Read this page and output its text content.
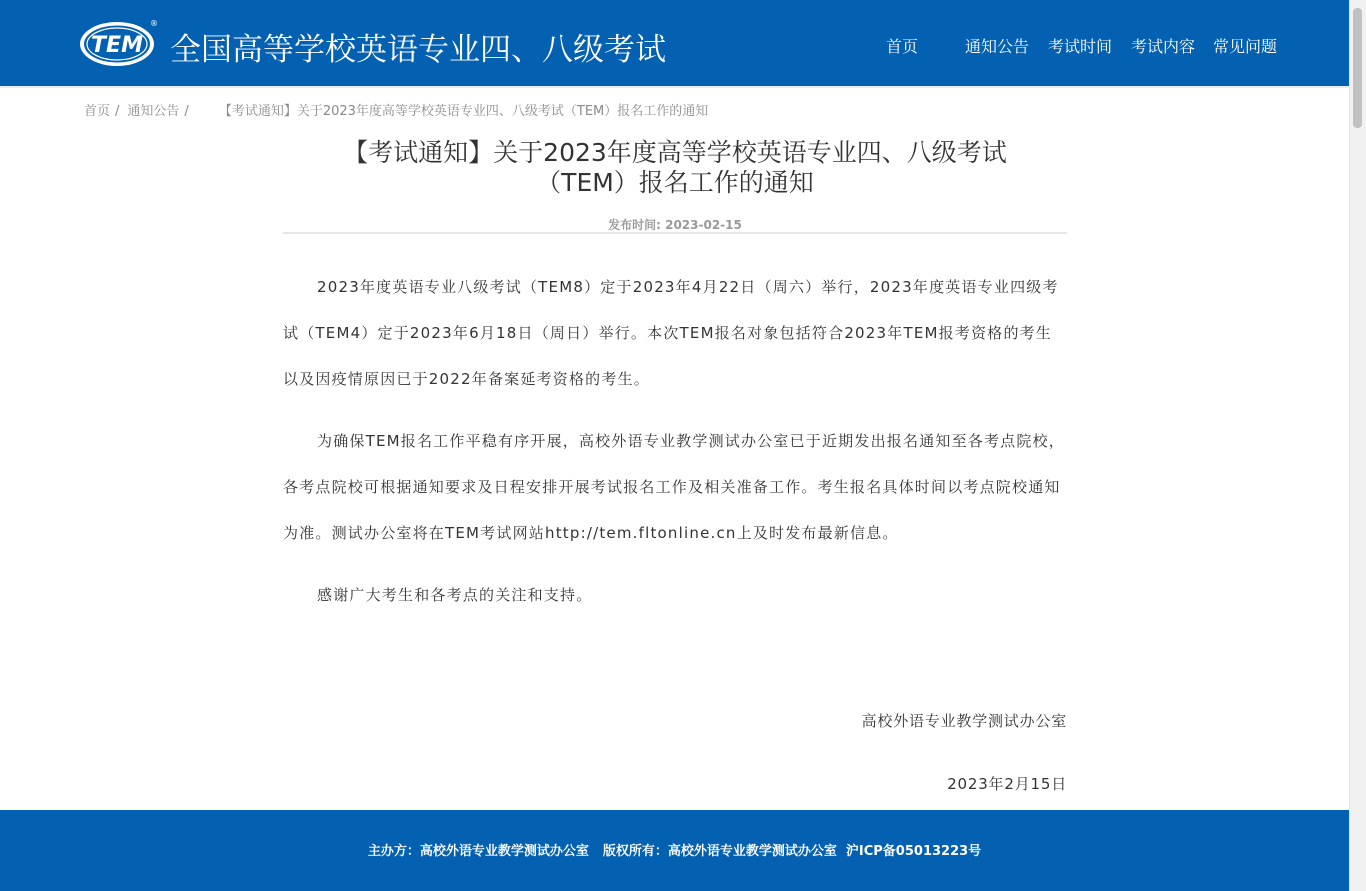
TEM
®
全国高等学校英语专业四、八级考试	首页	通知公告 考试时间 考试内容 常见问题
首页 / 通知公告 / 【考试通知】关于2023年度高等学校英语专业四、八级考试（TEM）报名工作的通知
【考试通知】关于2023年度高等学校英语专业四、八级考试
（TEM）报名工作的通知
发布时间: 2023-02-15

2023年度英语专业八级考试（TEM8）定于2023年4月22日（周六）举行，2023年度英语专业四级考试（TEM4）定于2023年6月18日（周日）举行。本次TEM报名对象包括符合2023年TEM报考资格的考生以及因疫情原因已于2022年备案延考资格的考生。

为确保TEM报名工作平稳有序开展，高校外语专业教学测试办公室已于近期发出报名通知至各考点院校，各考点院校可根据通知要求及日程安排开展考试报名工作及相关准备工作。考生报名具体时间以考点院校通知为准。测试办公室将在TEM考试网站http://tem.fltonline.cn上及时发布最新信息。

感谢广大考生和各考点的关注和支持。

高校外语专业教学测试办公室
2023年2月15日
主办方：高校外语专业教学测试办公室 版权所有：高校外语专业教学测试办公室 沪ICP备05013223号
